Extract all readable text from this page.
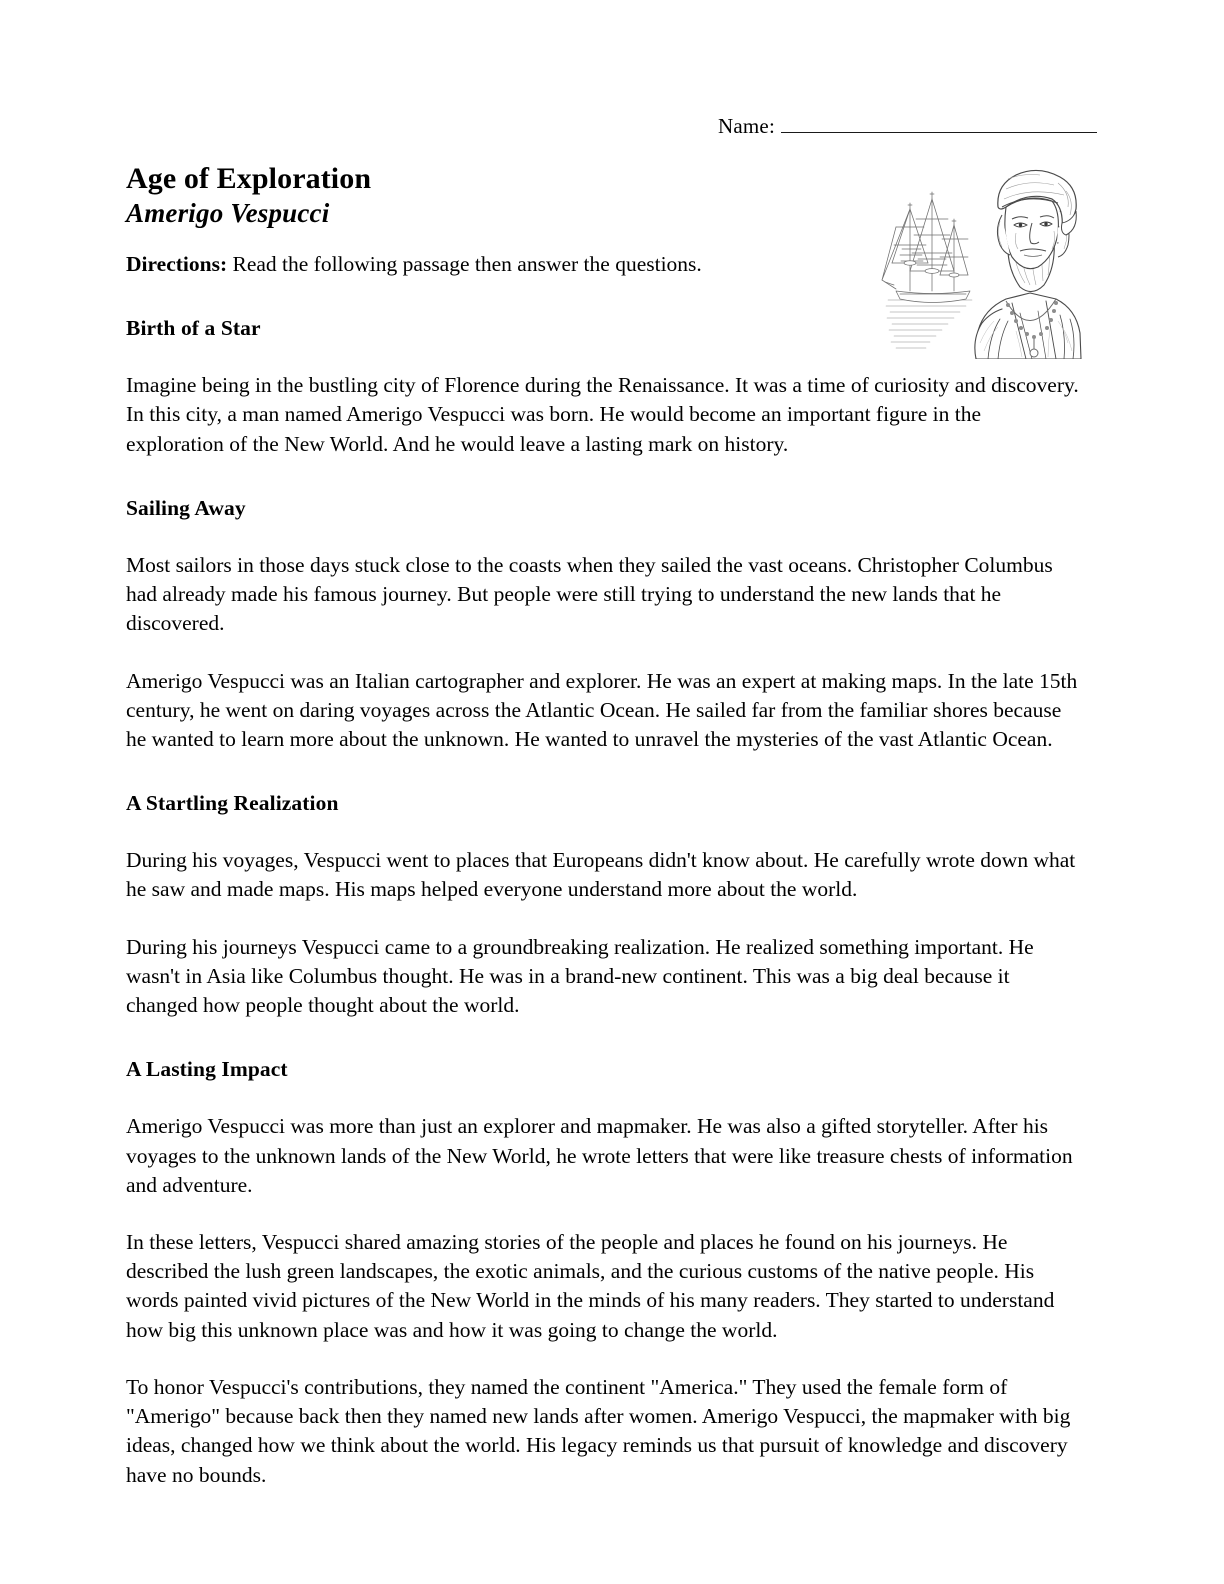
Name:
Age of Exploration
Amerigo Vespucci

Directions: Read the following passage then answer the questions.

Birth of a Star

Imagine being in the bustling city of Florence during the Renaissance. It was a time of curiosity and discovery. In this city, a man named Amerigo Vespucci was born. He would become an important figure in the exploration of the New World. And he would leave a lasting mark on history.

Sailing Away

Most sailors in those days stuck close to the coasts when they sailed the vast oceans. Christopher Columbus had already made his famous journey. But people were still trying to understand the new lands that he discovered.

Amerigo Vespucci was an Italian cartographer and explorer. He was an expert at making maps. In the late 15th century, he went on daring voyages across the Atlantic Ocean. He sailed far from the familiar shores because he wanted to learn more about the unknown. He wanted to unravel the mysteries of the vast Atlantic Ocean.

A Startling Realization

During his voyages, Vespucci went to places that Europeans didn't know about. He carefully wrote down what he saw and made maps. His maps helped everyone understand more about the world.

During his journeys Vespucci came to a groundbreaking realization. He realized something important. He wasn't in Asia like Columbus thought. He was in a brand-new continent. This was a big deal because it changed how people thought about the world.

A Lasting Impact

Amerigo Vespucci was more than just an explorer and mapmaker. He was also a gifted storyteller. After his voyages to the unknown lands of the New World, he wrote letters that were like treasure chests of information and adventure.

In these letters, Vespucci shared amazing stories of the people and places he found on his journeys. He described the lush green landscapes, the exotic animals, and the curious customs of the native people. His words painted vivid pictures of the New World in the minds of his many readers. They started to understand how big this unknown place was and how it was going to change the world.

To honor Vespucci's contributions, they named the continent "America." They used the female form of "Amerigo" because back then they named new lands after women. Amerigo Vespucci, the mapmaker with big ideas, changed how we think about the world. His legacy reminds us that pursuit of knowledge and discovery have no bounds.
